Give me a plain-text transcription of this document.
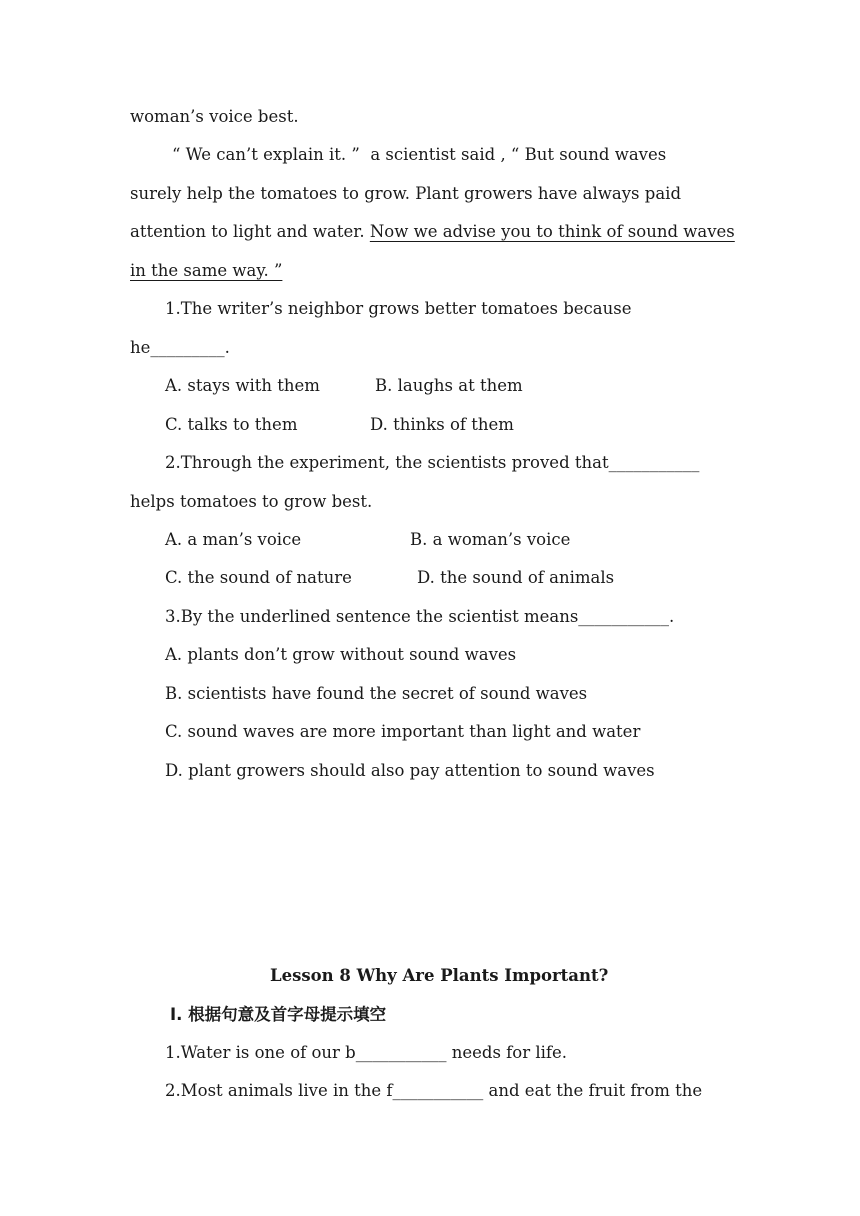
woman’s voice best.
“ We can’t explain it. ”  a scientist said , “ But sound waves
surely help the tomatoes to grow. Plant growers have always paid
attention to light and water. Now we advise you to think of sound waves
in the same way. ”
1.The writer’s neighbor grows better tomatoes because
he_________.
A. stays with them	B. laughs at them
C. talks to them	D. thinks of them
2.Through the experiment, the scientists proved that___________
helps tomatoes to grow best.
A. a man’s voice	B. a woman’s voice
C. the sound of nature	D. the sound of animals
3.By the underlined sentence the scientist means___________.
A. plants don’t grow without sound waves
B. scientists have found the secret of sound waves
C. sound waves are more important than light and water
D. plant growers should also pay attention to sound waves
Lesson 8 Why Are Plants Important?
Ⅰ. 根据句意及首字母提示填空
1.Water is one of our b___________ needs for life.
2.Most animals live in the f___________ and eat the fruit from the
